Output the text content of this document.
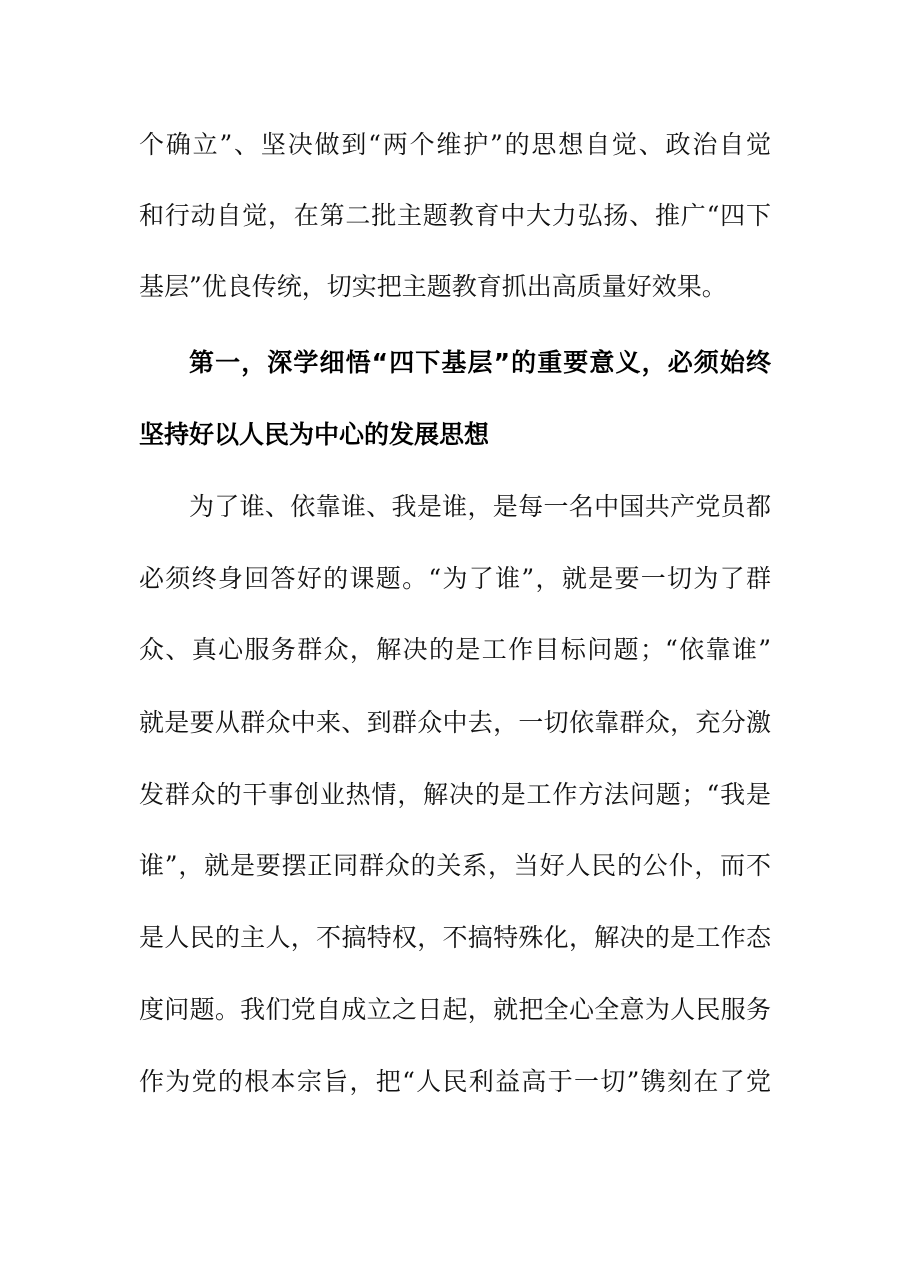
个确立”、坚决做到“两个维护”的思想自觉、政治自觉
和行动自觉，在第二批主题教育中大力弘扬、推广“四下
基层”优良传统，切实把主题教育抓出高质量好效果。
第一，深学细悟“四下基层”的重要意义，必须始终
坚持好以人民为中心的发展思想
为了谁、依靠谁、我是谁，是每一名中国共产党员都
必须终身回答好的课题。“为了谁”，就是要一切为了群
众、真心服务群众，解决的是工作目标问题；“依靠谁”
就是要从群众中来、到群众中去，一切依靠群众，充分激
发群众的干事创业热情，解决的是工作方法问题；“我是
谁”，就是要摆正同群众的关系，当好人民的公仆，而不
是人民的主人，不搞特权，不搞特殊化，解决的是工作态
度问题。我们党自成立之日起，就把全心全意为人民服务
作为党的根本宗旨，把“人民利益高于一切”镌刻在了党
